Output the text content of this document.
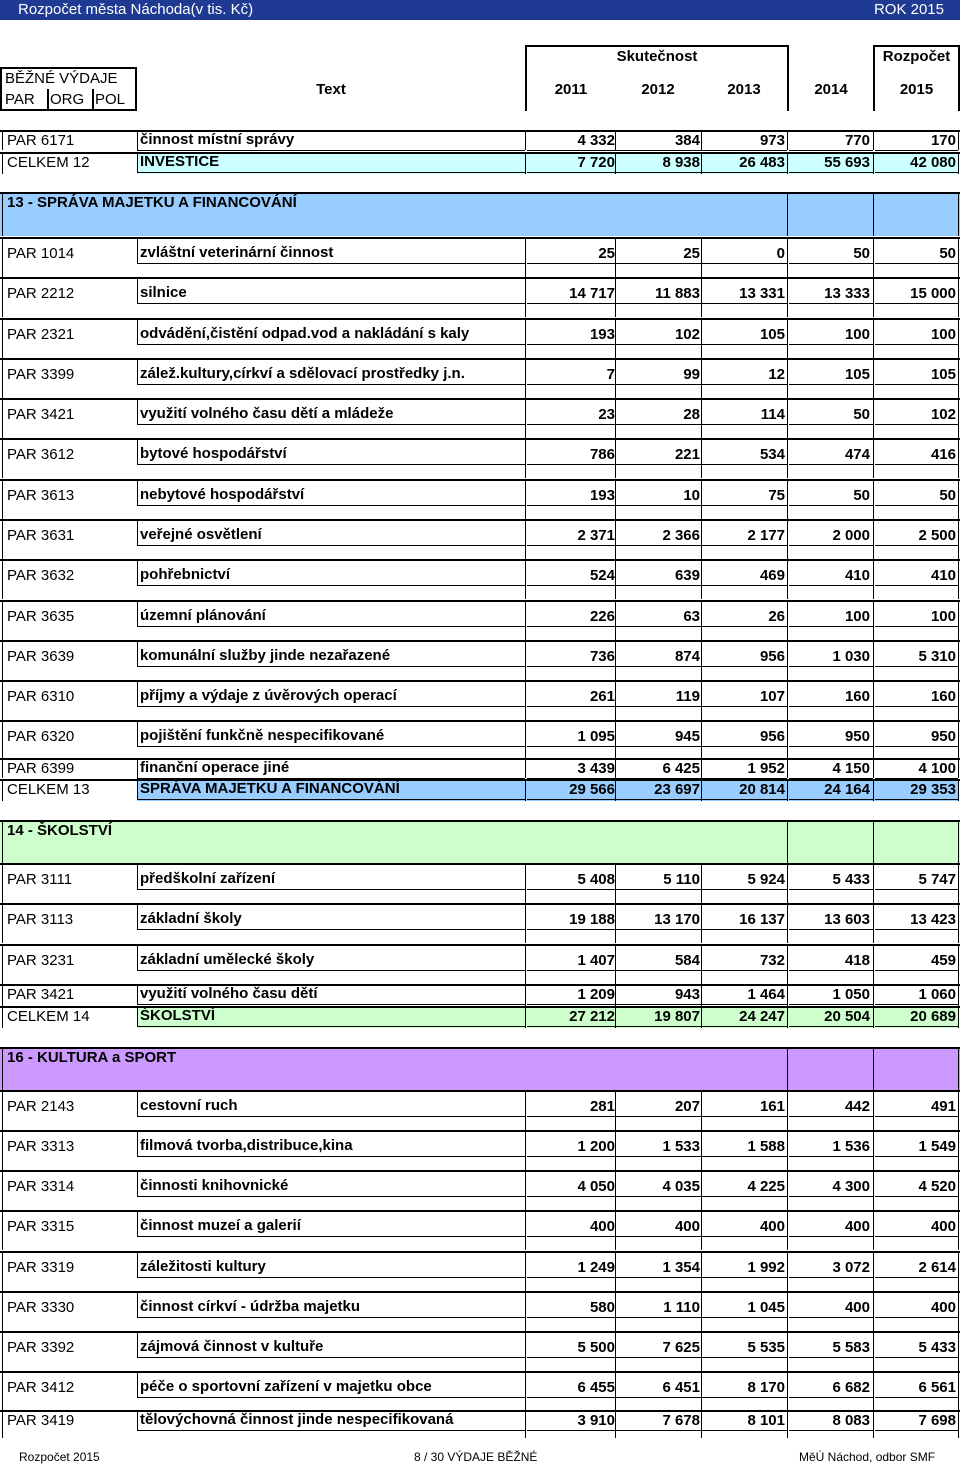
Rozpočet města Náchoda(v tis. Kč)	ROK 2015
Skutečnost	Rozpočet
BĚŽNÉ VÝDAJE
PAR	ORG POL
Text	2011	2012	2013	2014	2015
PAR 6171	činnost místní správy	4 332	384	973	770	170
CELKEM 12	INVESTICE	7 720	8 938	26 483	55 693	42 080
13 - SPRÁVA MAJETKU A FINANCOVÁNÍ
PAR 1014	zvláštní veterinární činnost	25	25	0	50	50
PAR 2212	silnice	14 717	11 883	13 331	13 333	15 000
PAR 2321	odvádění,čistění odpad.vod a nakládání s kaly	193	102	105	100	100
PAR 3399	zálež.kultury,církví a sdělovací prostředky j.n.	7	99	12	105	105
PAR 3421	využití volného času dětí a mládeže	23	28	114	50	102
PAR 3612	bytové hospodářství	786	221	534	474	416
PAR 3613	nebytové hospodářství	193	10	75	50	50
PAR 3631	veřejné osvětlení	2 371	2 366	2 177	2 000	2 500
PAR 3632	pohřebnictví	524	639	469	410	410
PAR 3635	územní plánování	226	63	26	100	100
PAR 3639	komunální služby jinde nezařazené	736	874	956	1 030	5 310
PAR 6310	příjmy a výdaje z úvěrových operací	261	119	107	160	160
PAR 6320	pojištění funkčně nespecifikované	1 095	945	956	950	950
PAR 6399	finanční operace jiné	3 439	6 425	1 952	4 150	4 100
CELKEM 13	SPRÁVA MAJETKU A FINANCOVÁNÍ	29 566	23 697	20 814	24 164	29 353
14 - ŠKOLSTVÍ
PAR 3111	předškolní zařízení	5 408	5 110	5 924	5 433	5 747
PAR 3113	základní školy	19 188	13 170	16 137	13 603	13 423
PAR 3231	základní umělecké školy	1 407	584	732	418	459
PAR 3421	využití volného času dětí	1 209	943	1 464	1 050	1 060
CELKEM 14	ŠKOLSTVÍ	27 212	19 807	24 247	20 504	20 689
16 - KULTURA a SPORT
PAR 2143	cestovní ruch	281	207	161	442	491
PAR 3313	filmová tvorba,distribuce,kina	1 200	1 533	1 588	1 536	1 549
PAR 3314	činnosti knihovnické	4 050	4 035	4 225	4 300	4 520
PAR 3315	činnost muzeí a galerií	400	400	400	400	400
PAR 3319	záležitosti kultury	1 249	1 354	1 992	3 072	2 614
PAR 3330	činnost církví - údržba majetku	580	1 110	1 045	400	400
PAR 3392	zájmová činnost v kultuře	5 500	7 625	5 535	5 583	5 433
PAR 3412	péče o sportovní zařízení v majetku obce	6 455	6 451	8 170	6 682	6 561
PAR 3419	tělovýchovná činnost jinde nespecifikovaná	3 910	7 678	8 101	8 083	7 698
Rozpočet 2015	8 / 30 VÝDAJE BĚŽNÉ	MěÚ Náchod, odbor SMF
